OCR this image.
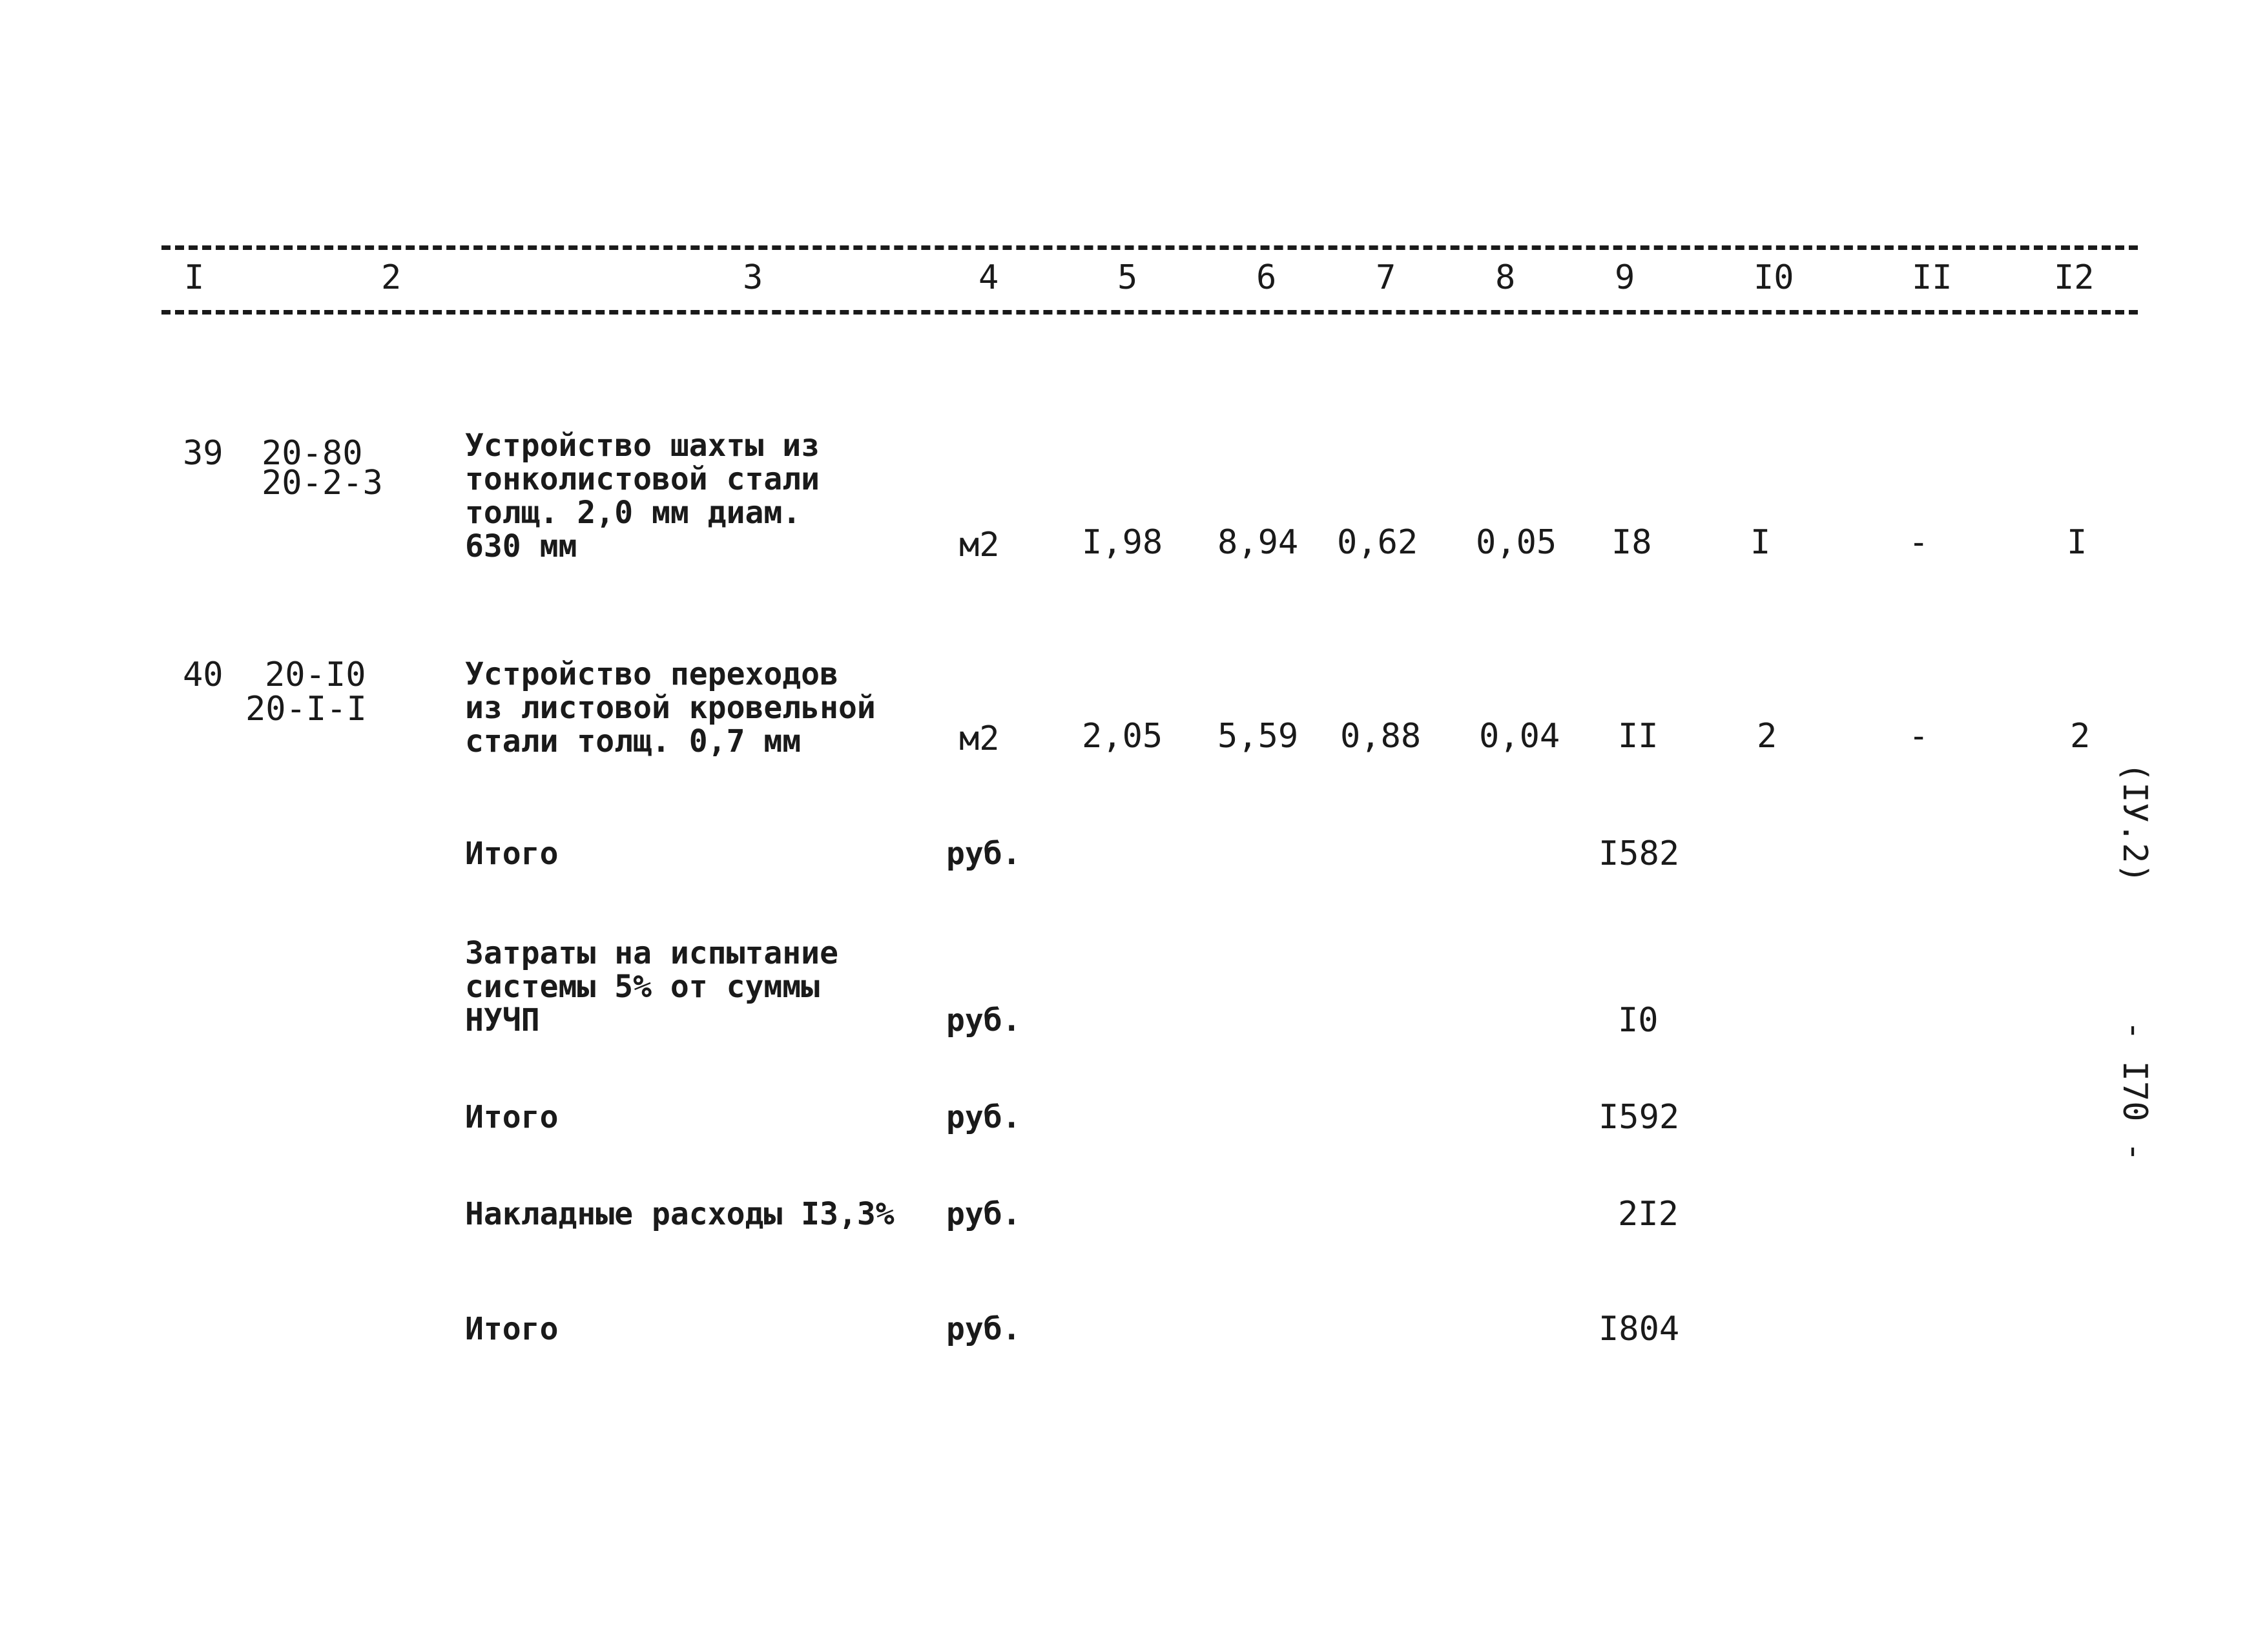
I	2	3	4	5	6	7	8	9	I0	II	I2
39 20-80
20-2-3
Устройство шахты из
тонколистовой стали
толщ. 2,0 мм диам.
630 мм	м2 I,98 8,94 0,62 0,05 I8	I	-	I
40 20-I0
20-I-I
Устройство переходов
из листовой кровельной
стали толщ. 0,7 мм	м2 2,05 5,59 0,88 0,04 II	2	-	2
Итого	руб.	I582
Затраты на испытание
системы 5% от суммы
НУЧП	руб.	I0
Итого	руб.	I592
Накладные расходы I3,3% руб.	2I2
Итого	руб.	I804
(IУ.2)
- I70 -
